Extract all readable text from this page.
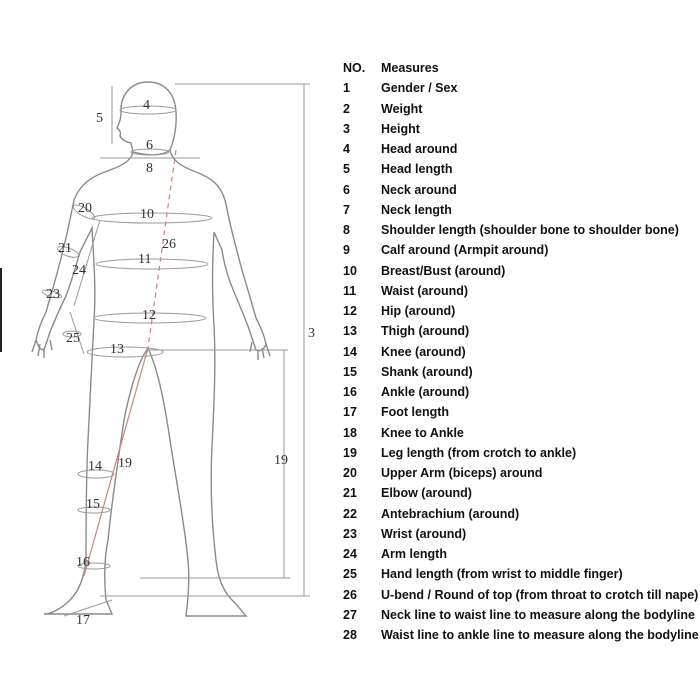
4
5
6
8
20	10
26
21
11
24
23
12
25
13
3
14 19
15
16
17
19
NO.	Measures
1	Gender / Sex
2	Weight
3	Height
4	Head around
5	Head length
6	Neck around
7	Neck length
8	Shoulder length (shoulder bone to shoulder bone)
9	Calf around (Armpit around)
10	Breast/Bust (around)
11	Waist (around)
12	Hip (around)
13	Thigh (around)
14	Knee (around)
15	Shank (around)
16	Ankle (around)
17	Foot length
18	Knee to Ankle
19	Leg length (from crotch to ankle)
20	Upper Arm (biceps) around
21	Elbow (around)
22	Antebrachium (around)
23	Wrist (around)
24	Arm length
25	Hand length (from wrist to middle finger)
26	U-bend / Round of top (from throat to crotch till nape)
27	Neck line to waist line to measure along the bodyline
28	Waist line to ankle line to measure along the bodyline
